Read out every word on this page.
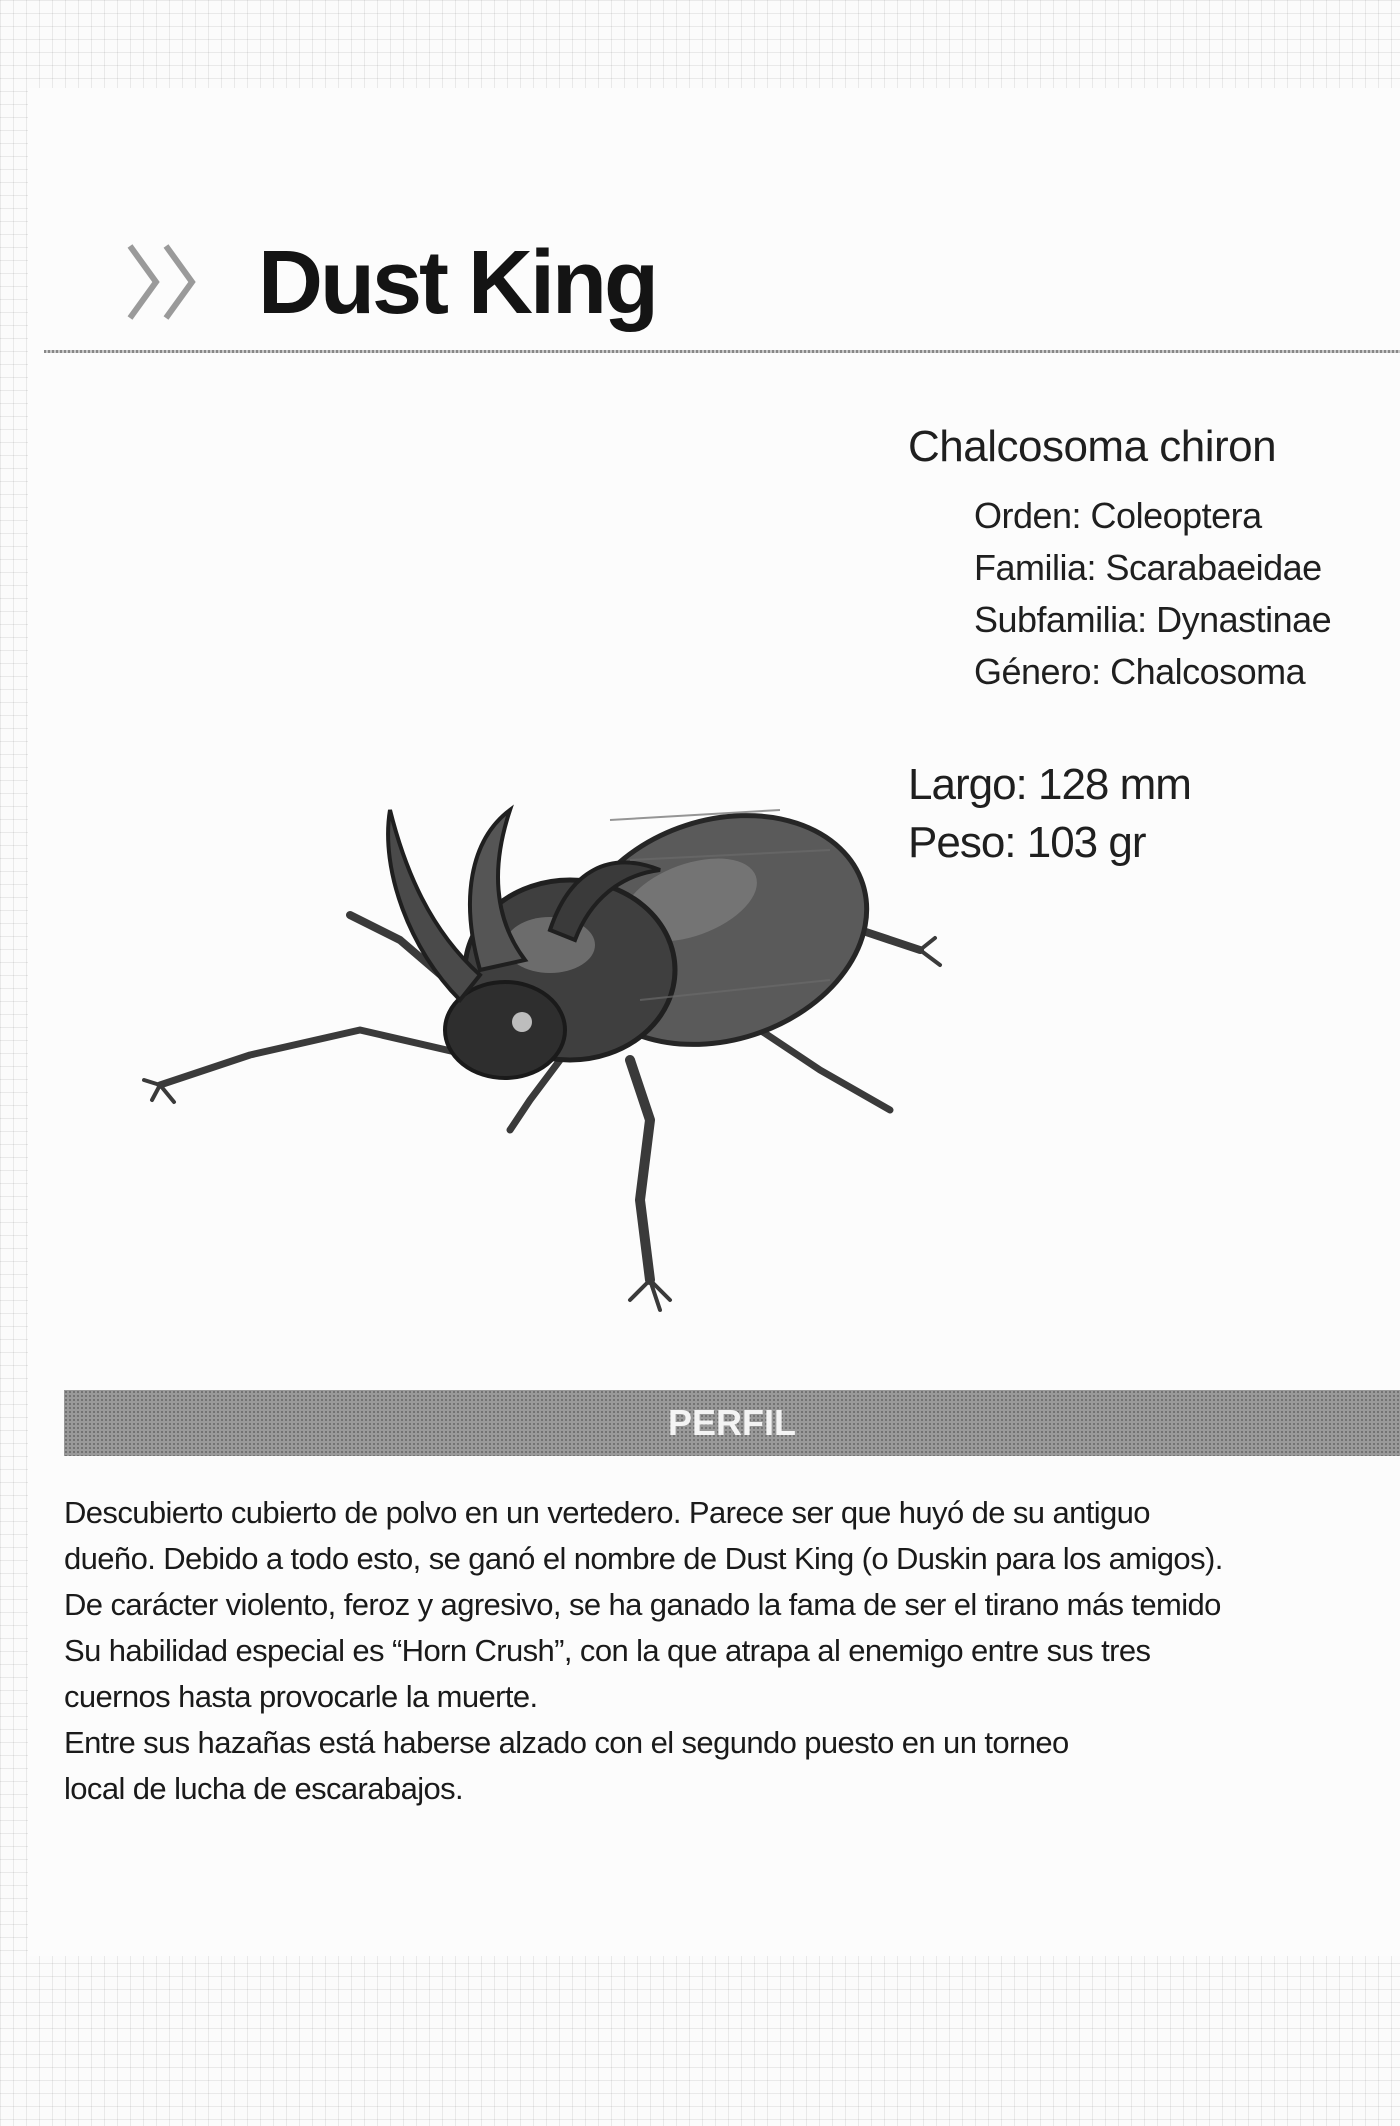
Dust King
Chalcosoma chiron
Orden: Coleoptera
Familia: Scarabaeidae
Subfamilia: Dynastinae
Género: Chalcosoma
Largo: 128 mm
Peso: 103 gr
PERFIL

Descubierto cubierto de polvo en un vertedero. Parece ser que huyó de su antiguo

dueño. Debido a todo esto, se ganó el nombre de Dust King (o Duskin para los amigos).

De carácter violento, feroz y agresivo, se ha ganado la fama de ser el tirano más temido

Su habilidad especial es “Horn Crush”, con la que atrapa al enemigo entre sus tres

cuernos hasta provocarle la muerte.

Entre sus hazañas está haberse alzado con el segundo puesto en un torneo

local de lucha de escarabajos.
